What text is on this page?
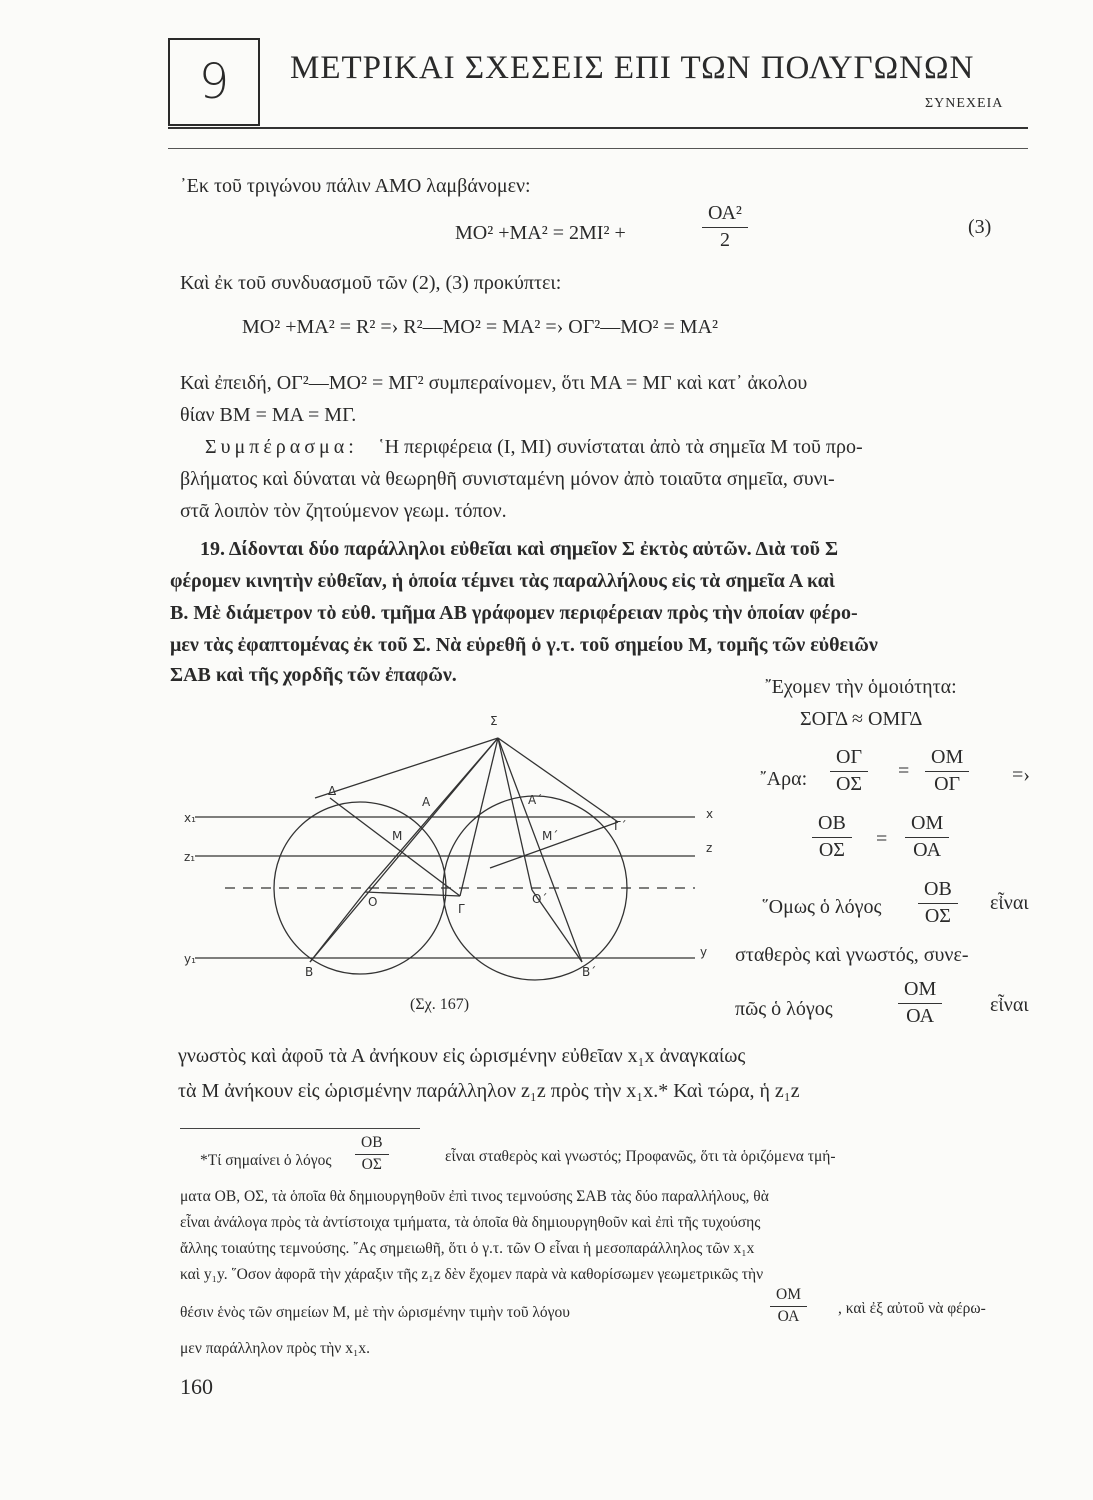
9 ΜΕΤΡΙΚΑΙ ΣΧΕΣΕΙΣ ΕΠΙ ΤΩΝ ΠΟΛΥΓΩΝΩΝ
ΣΥΝΕΧΕΙΑ
᾿Εκ τοῦ τριγώνου πάλιν ΑΜΟ λαμβάνομεν:
ΜΟ² +ΜΑ² = 2ΜΙ² +	$\frac{\text{ΟΑ²}}{2}$	(3)
Καὶ ἐκ τοῦ συνδυασμοῦ τῶν (2), (3) προκύπτει:
ΜΟ² +ΜΑ² = R² =› R²—ΜΟ² = ΜΑ² =› ΟΓ²—ΜΟ² = ΜΑ²
Καὶ ἐπειδή, ΟΓ²—ΜΟ² = ΜΓ² συμπεραίνομεν, ὅτι ΜΑ = ΜΓ καὶ κατ᾿ ἀκολου
θίαν ΒΜ = ΜΑ = ΜΓ.
Συμπέρασμα: ῾Η περιφέρεια (Ι, ΜΙ) συνίσταται ἀπὸ τὰ σημεῖα Μ τοῦ προ-
βλήματος καὶ δύναται νὰ θεωρηθῆ συνισταμένη μόνον ἀπὸ τοιαῦτα σημεῖα, συνι-
στᾶ λοιπὸν τὸν ζητούμενον γεωμ. τόπον.
19. Δίδονται δύο παράλληλοι εὐθεῖαι καὶ σημεῖον Σ ἐκτὸς αὐτῶν. Διὰ τοῦ Σ
φέρομεν κινητὴν εὐθεῖαν, ἡ ὁποία τέμνει τὰς παραλλήλους εἰς τὰ σημεῖα Α καὶ
Β. Μὲ διάμετρον τὸ εὐθ. τμῆμα ΑΒ γράφομεν περιφέρειαν πρὸς τὴν ὁποίαν φέρο-
μεν τὰς ἐφαπτομένας ἐκ τοῦ Σ. Νὰ εὑρεθῆ ὁ γ.τ. τοῦ σημείου Μ, τομῆς τῶν εὐθειῶν
ΣΑΒ καὶ τῆς χορδῆς τῶν ἐπαφῶν.
῎Εχομεν τὴν ὁμοιότητα:
ΣΟΓΔ ≈ ΟΜΓΔ
῎Αρα: $\frac{O\Gamma}{O\Sigma} = \frac{OM}{O\Gamma}$ =›
$\frac{OB}{O\Sigma} = \frac{OM}{OA}$
῞Ομως ὁ λόγος $\frac{OB}{O\Sigma}$ εἶναι
σταθερὸς καὶ γνωστός, συνε-
πῶς ὁ λόγος	$\frac{OM}{OA}$ εἶναι
Σ
Δ
Α	Α΄
Μ	Μ΄
Γ΄
Ο	Ο΄
Γ
Β	Β΄
x₁	x
z₁
z
y₁	y
(Σχ. 167)
γνωστὸς καὶ ἀφοῦ τὰ Α ἀνήκουν εἰς ὡρισμένην εὐθεῖαν x₁x ἀναγκαίως
τὰ Μ ἀνήκουν εἰς ὡρισμένην παράλληλον z₁z πρὸς τὴν x₁x.* Καὶ τώρα, ἡ z₁z
*Τί σημαίνει ὁ λόγος $\frac{OB}{O\Sigma}$	εἶναι σταθερὸς καὶ γνωστός; Προφανῶς, ὅτι τὰ ὁριζόμενα τμή-
ματα ΟΒ, ΟΣ, τὰ ὁποῖα θὰ δημιουργηθοῦν ἐπὶ τινος τεμνούσης ΣΑΒ τὰς δύο παραλλήλους, θὰ
εἶναι ἀνάλογα πρὸς τὰ ἀντίστοιχα τμήματα, τὰ ὁποῖα θὰ δημιουργηθοῦν καὶ ἐπὶ τῆς τυχούσης
ἄλλης τοιαύτης τεμνούσης. ῎Ας σημειωθῆ, ὅτι ὁ γ.τ. τῶν Ο εἶναι ἡ μεσοπαράλληλος τῶν x₁x
καὶ y₁y. ῞Οσον ἀφορᾶ τὴν χάραξιν τῆς z₁z δὲν ἔχομεν παρὰ νὰ καθορίσωμεν γεωμετρικῶς τὴν
θέσιν ἑνὸς τῶν σημείων Μ, μὲ τὴν ὡρισμένην τιμὴν τοῦ λόγου	$\frac{OM}{OA}$ , καὶ ἐξ αὐτοῦ νὰ φέρω-
μεν παράλληλον πρὸς τὴν x₁x.
160
